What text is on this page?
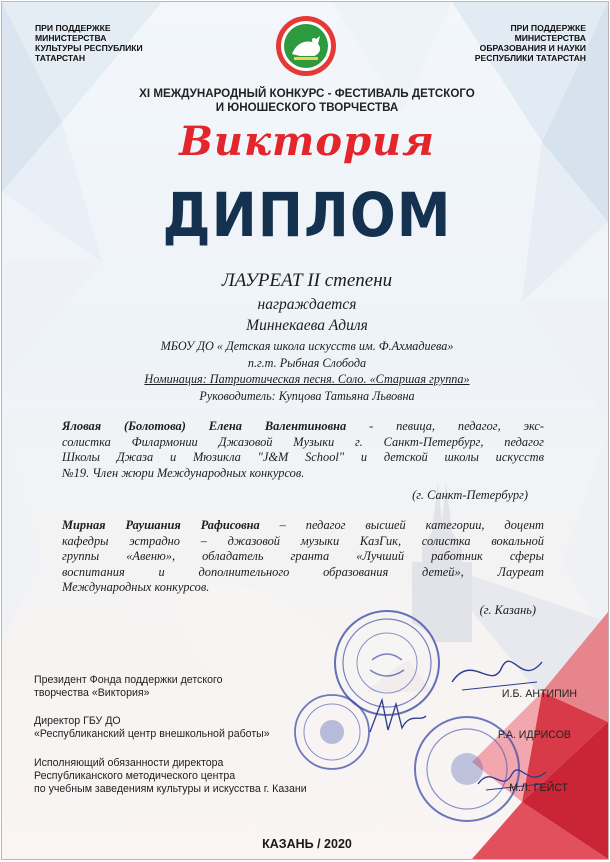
ПРИ ПОДДЕРЖКЕ
МИНИСТЕРСТВА
КУЛЬТУРЫ РЕСПУБЛИКИ
ТАТАРСТАН
ПРИ ПОДДЕРЖКЕ
МИНИСТЕРСТВА
ОБРАЗОВАНИЯ И НАУКИ
РЕСПУБЛИКИ ТАТАРСТАН
XI МЕЖДУНАРОДНЫЙ КОНКУРС - ФЕСТИВАЛЬ ДЕТСКОГО
И ЮНОШЕСКОГО ТВОРЧЕСТВА
Виктория
ДИПЛОМ
ЛАУРЕАТ II степени
награждается
Миннекаева Адиля
МБОУ ДО « Детская школа искусств им. Ф.Ахмадиева»
п.г.т. Рыбная Слобода
Номинация: Патриотическая песня. Соло. «Старшая группа»
Руководитель: Купцова Татьяна Львовна
Яловая (Болотова) Елена Валентиновна - певица, педагог, экс-
солистка Филармонии Джазовой Музыки г. Санкт-Петербург, педагог
Школы Джаза и Мюзикла "J&M School" и детской школы искусств
№19. Член жюри Международных конкурсов.
(г. Санкт-Петербург)
Мирная Раушания Рафисовна – педагог высшей категории, доцент
кафедры эстрадно – джазовой музыки КазГик, солистка вокальной
группы «Авеню», обладатель гранта «Лучший работник сферы
воспитания и дополнительного образования детей», Лауреат
Международных конкурсов.
(г. Казань)
Президент Фонда поддержки детского
творчества «Виктория»	И.Б. АНТИПИН
Директор ГБУ ДО
«Республиканский центр внешкольной работы»	Р.А. ИДРИСОВ
Исполняющий обязанности директора
Республиканского методического центра
по учебным заведениям культуры и искусства г. Казани	М.Л. ГЕЙСТ
КАЗАНЬ / 2020
